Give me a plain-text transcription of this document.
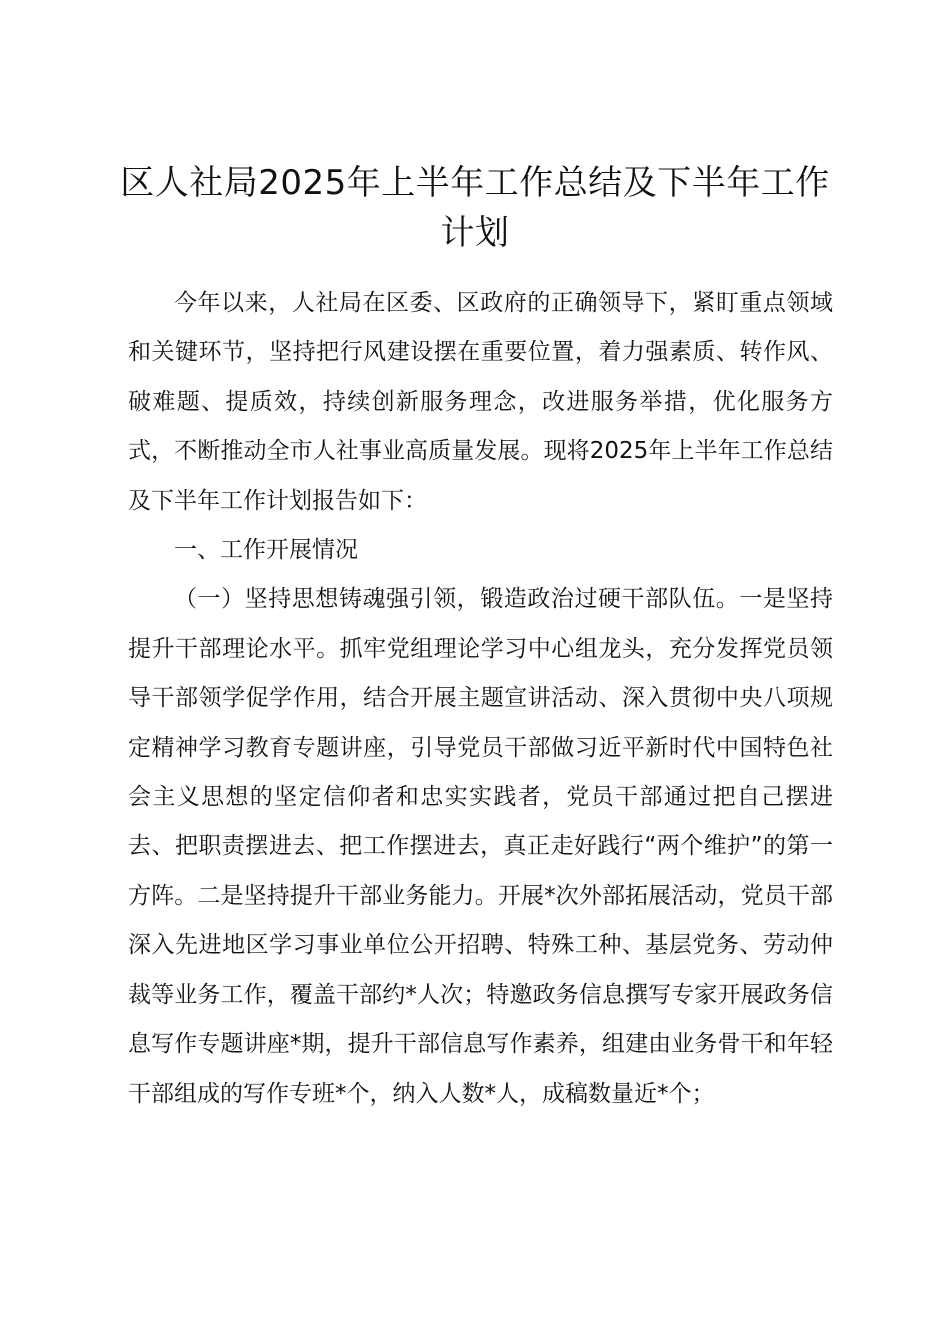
区人社局2025年上半年工作总结及下半年工作计划

今年以来，人社局在区委、区政府的正确领导下，紧盯重点领域和关键环节，坚持把行风建设摆在重要位置，着力强素质、转作风、破难题、提质效，持续创新服务理念，改进服务举措，优化服务方式，不断推动全市人社事业高质量发展。现将2025年上半年工作总结及下半年工作计划报告如下：

一、工作开展情况

（一）坚持思想铸魂强引领，锻造政治过硬干部队伍。一是坚持提升干部理论水平。抓牢党组理论学习中心组龙头，充分发挥党员领导干部领学促学作用，结合开展主题宣讲活动、深入贯彻中央八项规定精神学习教育专题讲座，引导党员干部做习近平新时代中国特色社会主义思想的坚定信仰者和忠实实践者，党员干部通过把自己摆进去、把职责摆进去、把工作摆进去，真正走好践行“两个维护”的第一方阵。二是坚持提升干部业务能力。开展*次外部拓展活动，党员干部深入先进地区学习事业单位公开招聘、特殊工种、基层党务、劳动仲裁等业务工作，覆盖干部约*人次；特邀政务信息撰写专家开展政务信息写作专题讲座*期，提升干部信息写作素养，组建由业务骨干和年轻干部组成的写作专班*个，纳入人数*人，成稿数量近*个；
